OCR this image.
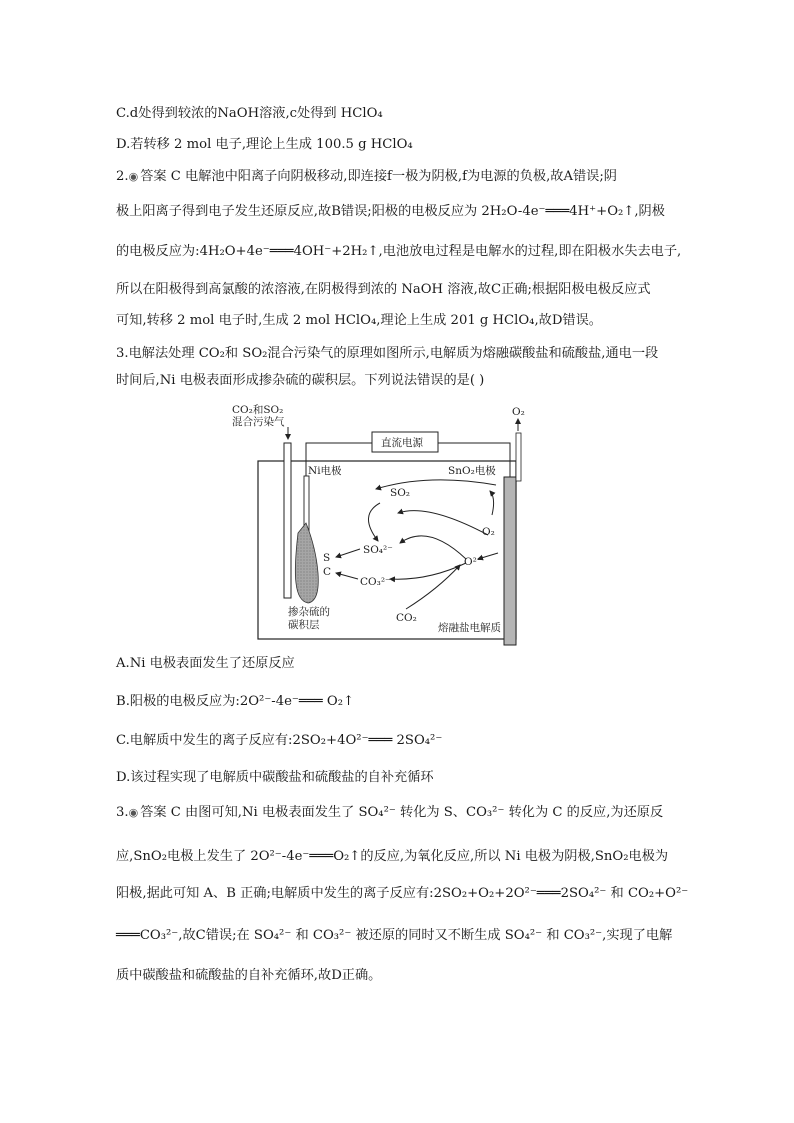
C.d处得到较浓的NaOH溶液,c处得到 HClO₄
D.若转移 2 mol 电子,理论上生成 100.5 g HClO₄
2.◉ 答案 C 电解池中阳离子向阴极移动,即连接f一极为阴极,f为电源的负极,故A错误;阴
极上阳离子得到电子发生还原反应,故B错误;阳极的电极反应为 2H₂O-4e⁻═══4H⁺+O₂↑,阴极
的电极反应为:4H₂O+4e⁻═══4OH⁻+2H₂↑,电池放电过程是电解水的过程,即在阳极水失去电子,
所以在阳极得到高氯酸的浓溶液,在阴极得到浓的 NaOH 溶液,故C正确;根据阳极电极反应式
可知,转移 2 mol 电子时,生成 2 mol HClO₄,理论上生成 201 g HClO₄,故D错误。
3.电解法处理 CO₂和 SO₂混合污染气的原理如图所示,电解质为熔融碳酸盐和硫酸盐,通电一段
时间后,Ni 电极表面形成掺杂硫的碳积层。下列说法错误的是( )
CO₂和SO₂
混合污染气
O₂
直流电源
Ni电极	SnO₂电极
SO₂
SO₄²⁻
S
C
CO₃²⁻
O₂
O²⁻
CO₂
掺杂硫的
碳积层	熔融盐电解质
A.Ni 电极表面发生了还原反应
B.阳极的电极反应为:2O²⁻-4e⁻═══ O₂↑
C.电解质中发生的离子反应有:2SO₂+4O²⁻═══ 2SO₄²⁻
D.该过程实现了电解质中碳酸盐和硫酸盐的自补充循环
3.◉ 答案 C 由图可知,Ni 电极表面发生了 SO₄²⁻ 转化为 S、CO₃²⁻ 转化为 C 的反应,为还原反
应,SnO₂电极上发生了 2O²⁻-4e⁻═══O₂↑的反应,为氧化反应,所以 Ni 电极为阴极,SnO₂电极为
阳极,据此可知 A、B 正确;电解质中发生的离子反应有:2SO₂+O₂+2O²⁻═══2SO₄²⁻ 和 CO₂+O²⁻
═══CO₃²⁻,故C错误;在 SO₄²⁻ 和 CO₃²⁻ 被还原的同时又不断生成 SO₄²⁻ 和 CO₃²⁻,实现了电解
质中碳酸盐和硫酸盐的自补充循环,故D正确。
